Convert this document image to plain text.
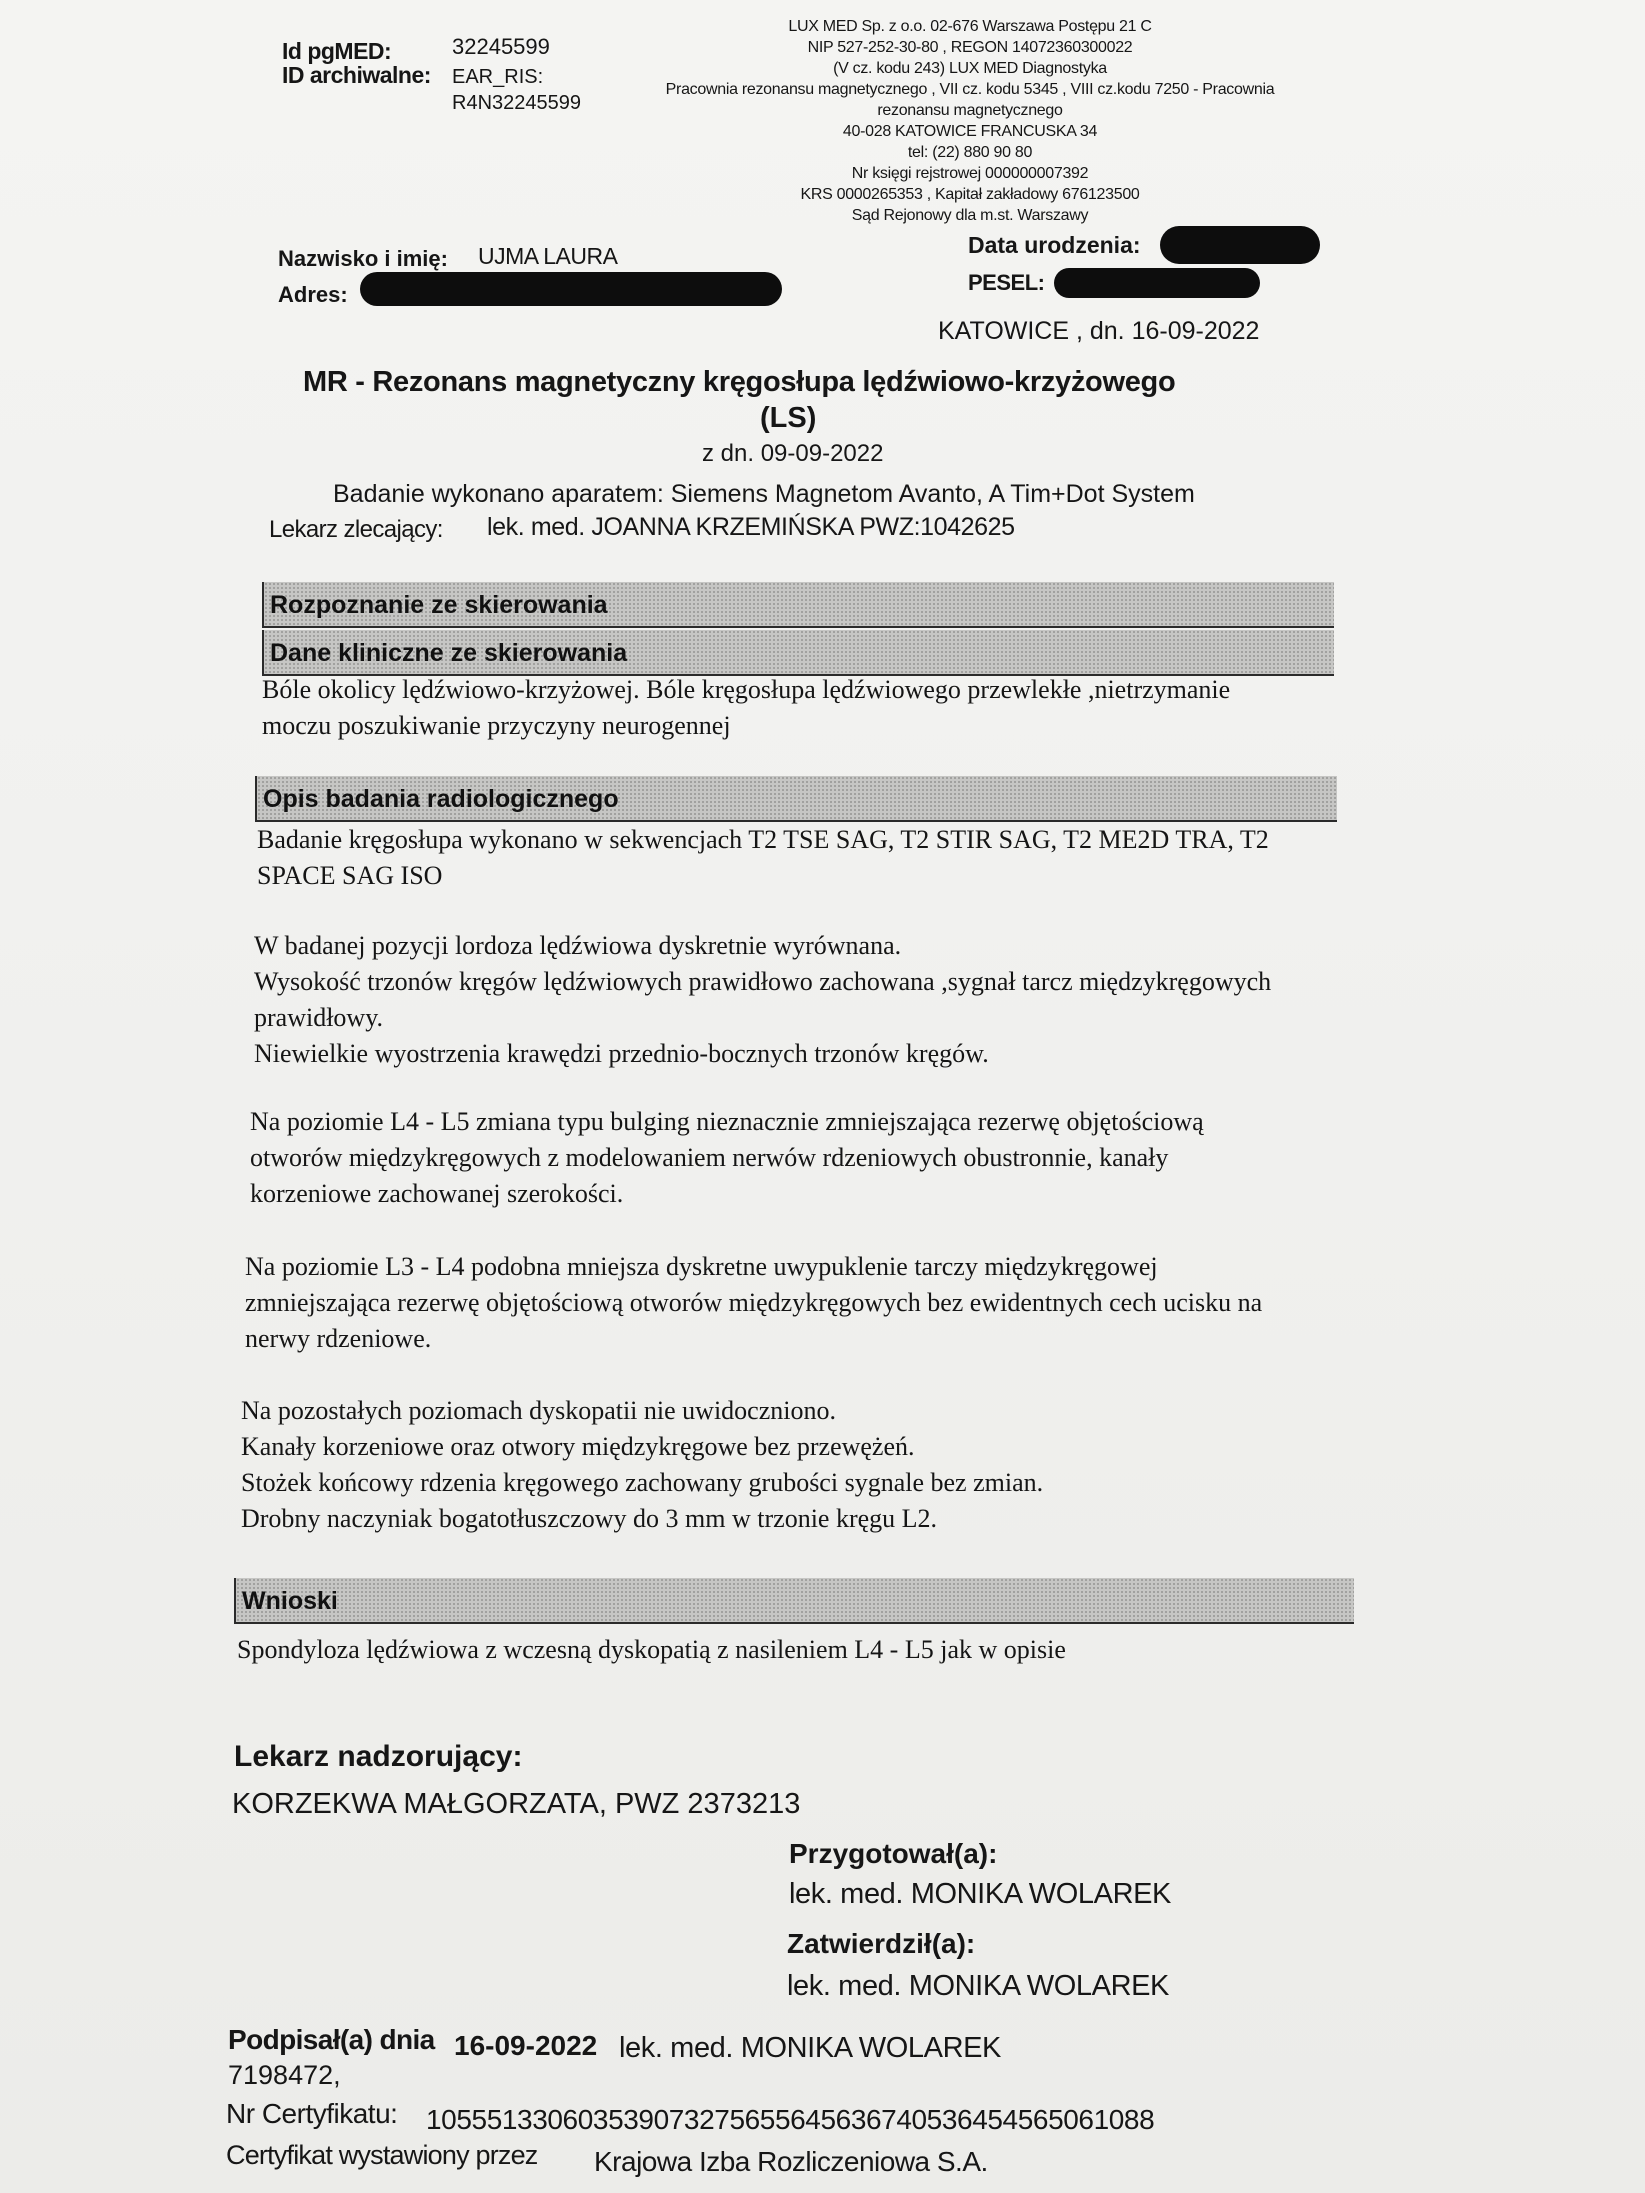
Id pgMED:	32245599
ID archiwalne: EAR_RIS:
R4N32245599
LUX MED Sp. z o.o. 02-676 Warszawa Postępu 21 C
NIP 527-252-30-80 , REGON 14072360300022
(V cz. kodu 243) LUX MED Diagnostyka
Pracownia rezonansu magnetycznego , VII cz. kodu 5345 , VIII cz.kodu 7250 - Pracownia
rezonansu magnetycznego
40-028 KATOWICE FRANCUSKA 34
tel: (22) 880 90 80
Nr księgi rejstrowej 000000007392
KRS 0000265353 , Kapitał zakładowy 676123500
Sąd Rejonowy dla m.st. Warszawy
Nazwisko i imię: UJMA LAURA
Adres:
Data urodzenia:
PESEL:
KATOWICE , dn. 16-09-2022
MR - Rezonans magnetyczny kręgosłupa lędźwiowo-krzyżowego
(LS)
z dn. 09-09-2022
Badanie wykonano aparatem: Siemens Magnetom Avanto, A Tim+Dot System
Lekarz zlecający: lek. med. JOANNA KRZEMIŃSKA PWZ:1042625
Rozpoznanie ze skierowania
Dane kliniczne ze skierowania
Bóle okolicy lędźwiowo-krzyżowej. Bóle kręgosłupa lędźwiowego przewlekłe ,nietrzymanie
moczu poszukiwanie przyczyny neurogennej
Opis badania radiologicznego
Badanie kręgosłupa wykonano w sekwencjach T2 TSE SAG, T2 STIR SAG, T2 ME2D TRA, T2
SPACE SAG ISO
W badanej pozycji lordoza lędźwiowa dyskretnie wyrównana.
Wysokość trzonów kręgów lędźwiowych prawidłowo zachowana ,sygnał tarcz międzykręgowych
prawidłowy.
Niewielkie wyostrzenia krawędzi przednio-bocznych trzonów kręgów.
Na poziomie L4 - L5 zmiana typu bulging nieznacznie zmniejszająca rezerwę objętościową
otworów międzykręgowych z modelowaniem nerwów rdzeniowych obustronnie, kanały
korzeniowe zachowanej szerokości.
Na poziomie L3 - L4 podobna mniejsza dyskretne uwypuklenie tarczy międzykręgowej
zmniejszająca rezerwę objętościową otworów międzykręgowych bez ewidentnych cech ucisku na
nerwy rdzeniowe.
Na pozostałych poziomach dyskopatii nie uwidoczniono.
Kanały korzeniowe oraz otwory międzykręgowe bez przewężeń.
Stożek końcowy rdzenia kręgowego zachowany grubości sygnale bez zmian.
Drobny naczyniak bogatotłuszczowy do 3 mm w trzonie kręgu L2.
Wnioski
Spondyloza lędźwiowa z wczesną dyskopatią z nasileniem L4 - L5 jak w opisie
Lekarz nadzorujący:
KORZEKWA MAŁGORZATA, PWZ 2373213
Przygotował(a):
lek. med. MONIKA WOLAREK
Zatwierdził(a):
lek. med. MONIKA WOLAREK
Podpisał(a) dnia 16-09-2022 lek. med. MONIKA WOLAREK
7198472,
Nr Certyfikatu: 105551330603539073275655645636740536454565061088
Certyfikat wystawiony przez Krajowa Izba Rozliczeniowa S.A.
